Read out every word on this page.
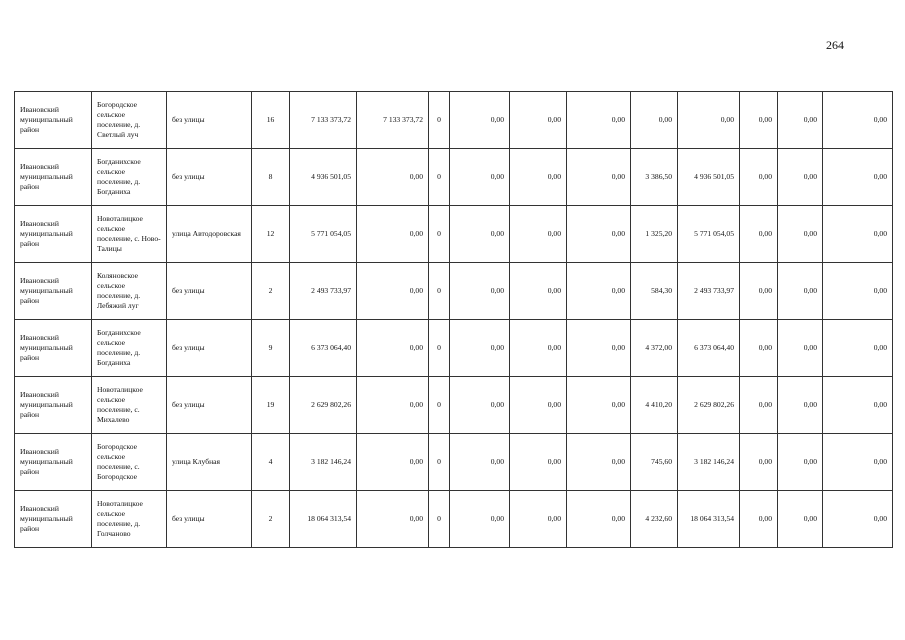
264
Ивановский муниципальный район	Богородское сельское поселение, д. Светлый луч	без улицы	16	7 133 373,72	7 133 373,72	0	0,00	0,00	0,00	0,00	0,00	0,00	0,00	0,00
Ивановский муниципальный район	Богданихское сельское поселение, д. Богданиха	без улицы	8	4 936 501,05	0,00	0	0,00	0,00	0,00	3 386,50	4 936 501,05	0,00	0,00	0,00
Ивановский муниципальный район	Новоталицкое сельское поселение, с. Ново-Талицы	улица Автодоровская	12	5 771 054,05	0,00	0	0,00	0,00	0,00	1 325,20	5 771 054,05	0,00	0,00	0,00
Ивановский муниципальный район	Коляновское сельское поселение, д. Лебяжий луг	без улицы	2	2 493 733,97	0,00	0	0,00	0,00	0,00	584,30	2 493 733,97	0,00	0,00	0,00
Ивановский муниципальный район	Богданихское сельское поселение, д. Богданиха	без улицы	9	6 373 064,40	0,00	0	0,00	0,00	0,00	4 372,00	6 373 064,40	0,00	0,00	0,00
Ивановский муниципальный район	Новоталицкое сельское поселение, с. Михалево	без улицы	19	2 629 802,26	0,00	0	0,00	0,00	0,00	4 410,20	2 629 802,26	0,00	0,00	0,00
Ивановский муниципальный район	Богородское сельское поселение, с. Богородское	улица Клубная	4	3 182 146,24	0,00	0	0,00	0,00	0,00	745,60	3 182 146,24	0,00	0,00	0,00
Ивановский муниципальный район	Новоталицкое сельское поселение, д. Голчаново	без улицы	2	18 064 313,54	0,00	0	0,00	0,00	0,00	4 232,60	18 064 313,54	0,00	0,00	0,00
